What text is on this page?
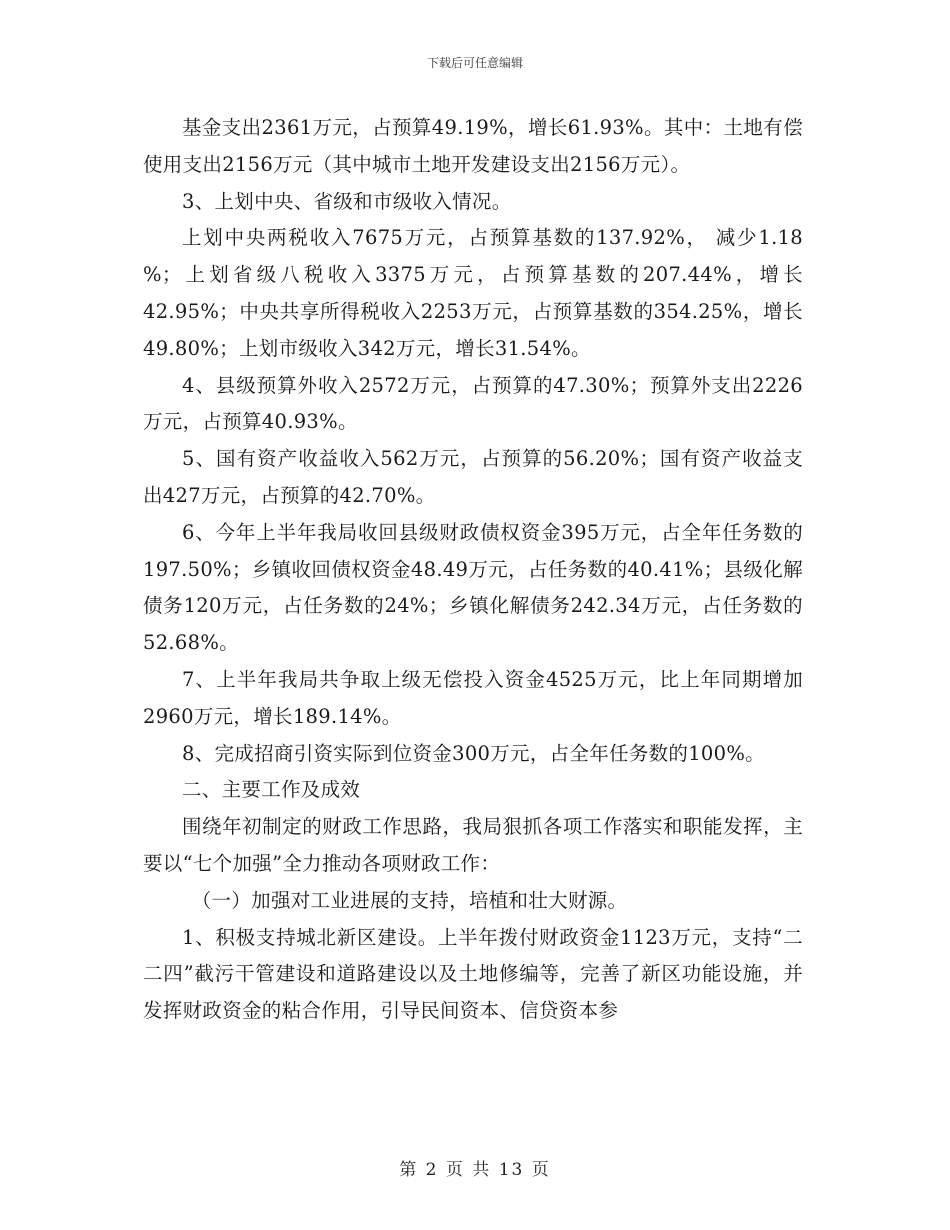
下载后可任意编辑

基金支出2361万元，占预算49.19%，增长61.93%。其中：土地有偿使用支出2156万元（其中城市土地开发建设支出2156万元）。

3、上划中央、省级和市级收入情况。

上划中央两税收入7675万元，占预算基数的137.92%， 减少1.18 %；上划省级八税收入3375万元，占预算基数的207.44%，增长42.95%；中央共享所得税收入2253万元，占预算基数的354.25%，增长49.80%；上划市级收入342万元，增长31.54%。

4、县级预算外收入2572万元，占预算的47.30%；预算外支出2226万元，占预算40.93%。

5、国有资产收益收入562万元，占预算的56.20%；国有资产收益支出427万元，占预算的42.70%。

6、今年上半年我局收回县级财政债权资金395万元，占全年任务数的197.50%；乡镇收回债权资金48.49万元，占任务数的40.41%；县级化解债务120万元，占任务数的24%；乡镇化解债务242.34万元，占任务数的52.68%。

7、上半年我局共争取上级无偿投入资金4525万元，比上年同期增加2960万元，增长189.14%。

8、完成招商引资实际到位资金300万元，占全年任务数的100%。

二、主要工作及成效

围绕年初制定的财政工作思路，我局狠抓各项工作落实和职能发挥，主要以“七个加强”全力推动各项财政工作：

（一）加强对工业进展的支持，培植和壮大财源。

1、积极支持城北新区建设。上半年拨付财政资金1123万元，支持“二二四”截污干管建设和道路建设以及土地修编等，完善了新区功能设施，并发挥财政资金的粘合作用，引导民间资本、信贷资本参

第 2 页 共 13 页
